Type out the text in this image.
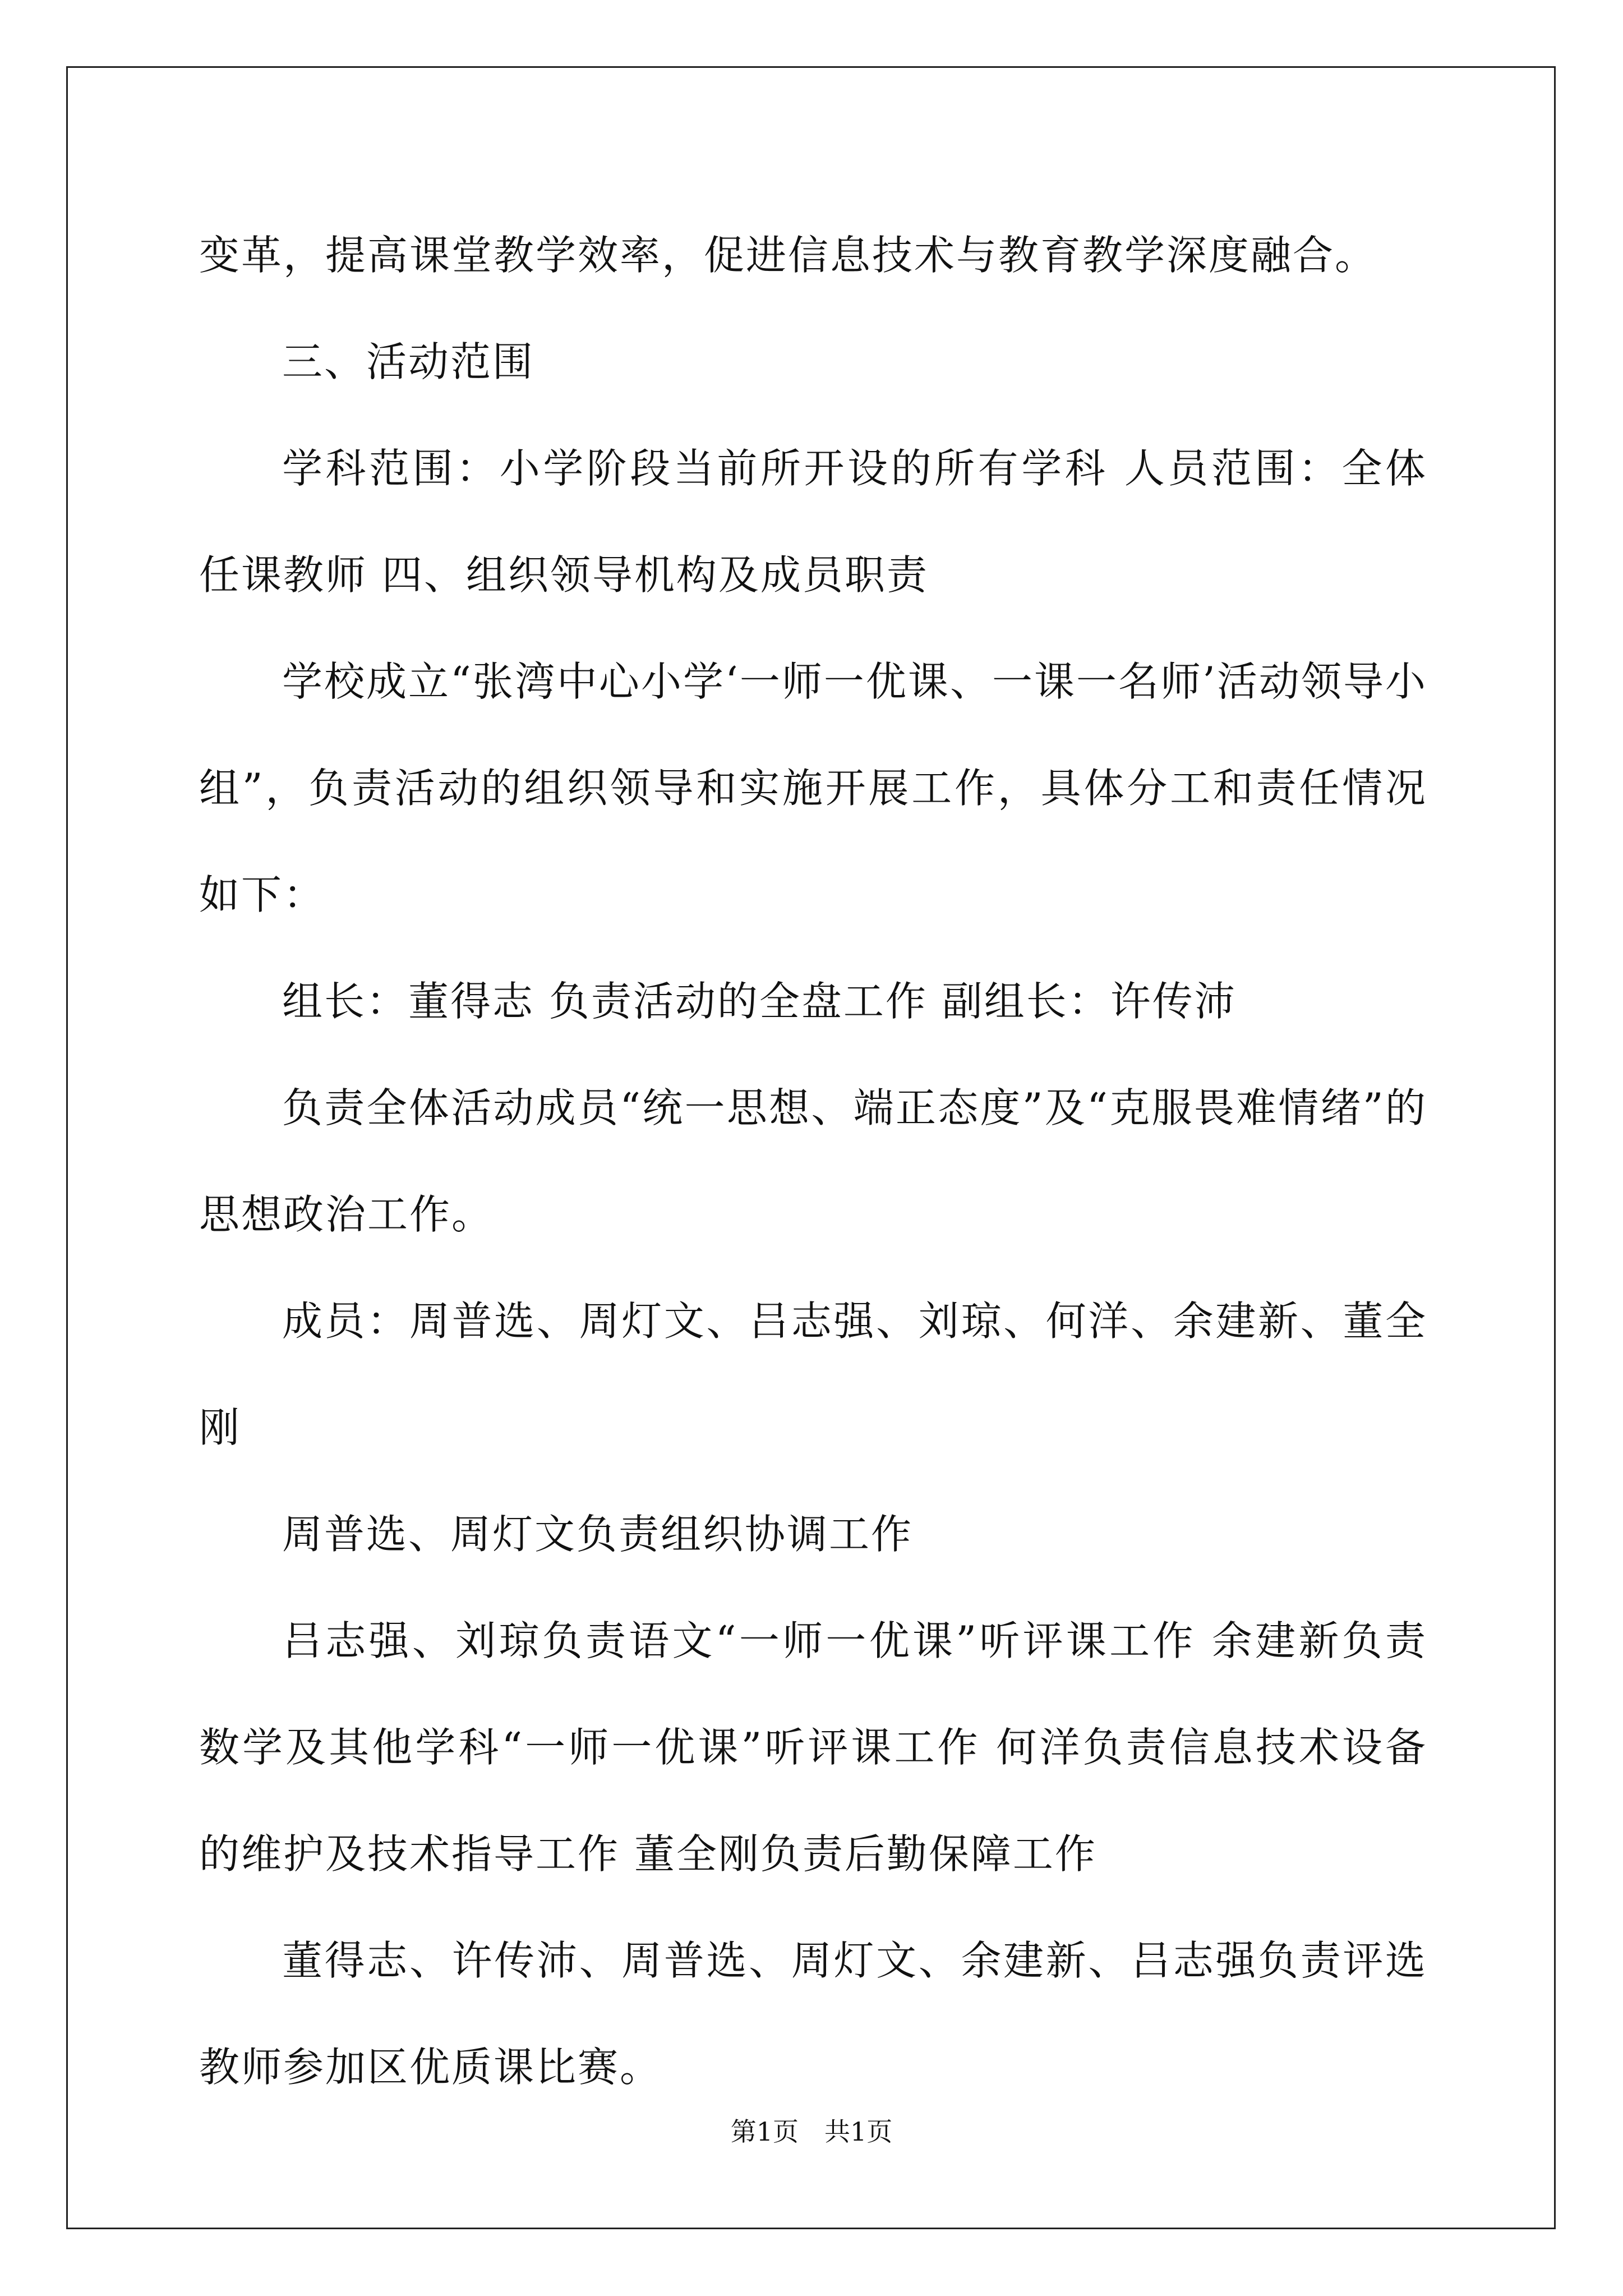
变革，提高课堂教学效率，促进信息技术与教育教学深度融合。

三、活动范围

学科范围：小学阶段当前所开设的所有学科 人员范围：全体任课教师 四、组织领导机构及成员职责

学校成立“张湾中心小学‘一师一优课、一课一名师’活动领导小组”，负责活动的组织领导和实施开展工作，具体分工和责任情况如下：

组长：董得志 负责活动的全盘工作 副组长：许传沛

负责全体活动成员“统一思想、端正态度”及“克服畏难情绪”的思想政治工作。

成员：周普选、周灯文、吕志强、刘琼、何洋、余建新、董全刚

周普选、周灯文负责组织协调工作

吕志强、刘琼负责语文“一师一优课”听评课工作 余建新负责数学及其他学科“一师一优课”听评课工作 何洋负责信息技术设备的维护及技术指导工作 董全刚负责后勤保障工作

董得志、许传沛、周普选、周灯文、余建新、吕志强负责评选教师参加区优质课比赛。

第1页　共1页
